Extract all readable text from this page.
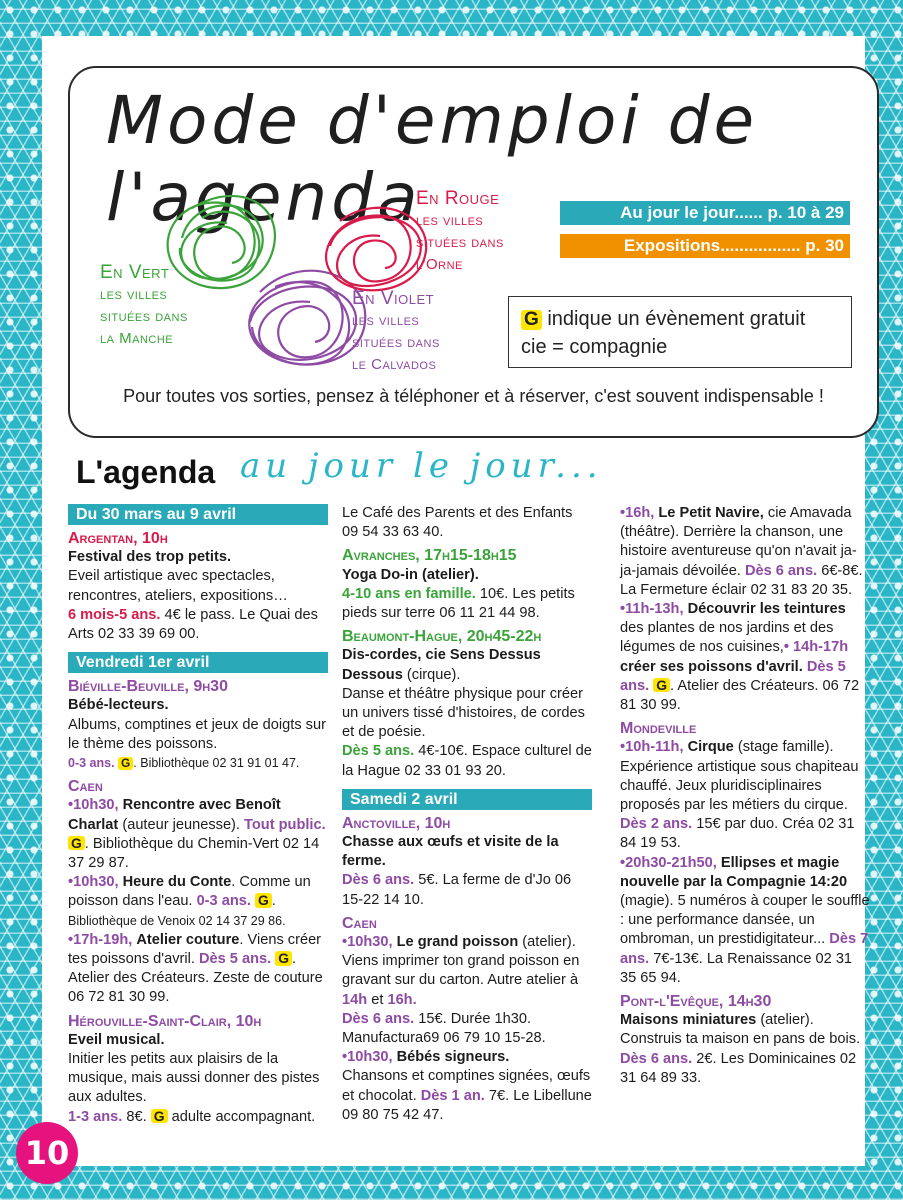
Mode d'emploi de l'agenda
En Vert
les villes
situées dans
la Manche
En Rouge
les villes
situées dans
l'Orne
En Violet
les villes
situées dans
le Calvados
Au jour le jour...... p. 10 à 29
Expositions................. p. 30
G indique un évènement gratuit
cie = compagnie
Pour toutes vos sorties, pensez à téléphoner et à réserver, c'est souvent indispensable !
L'agenda au jour le jour...
Du 30 mars au 9 avril
Argentan, 10h

Festival des trop petits.

Eveil artistique avec spectacles, rencontres, ateliers, expositions…

6 mois-5 ans. 4€ le pass. Le Quai des Arts 02 33 39 69 00.

Vendredi 1er avril
Biéville-Beuville, 9h30

Bébé-lecteurs.

Albums, comptines et jeux de doigts sur le thème des poissons.

0-3 ans. G . Bibliothèque 02 31 91 01 47.

Caen

•10h30, Rencontre avec Benoît Charlat (auteur jeunesse). Tout public. G . Bibliothèque du Chemin-Vert 02 14 37 29 87.

•10h30, Heure du Conte. Comme un poisson dans l'eau. 0-3 ans. G . Bibliothèque de Venoix 02 14 37 29 86.

•17h-19h, Atelier couture. Viens créer tes poissons d'avril. Dès 5 ans. G . Atelier des Créateurs. Zeste de couture 06 72 81 30 99.

Hérouville-Saint-Clair, 10h

Eveil musical.

Initier les petits aux plaisirs de la musique, mais aussi donner des pistes aux adultes.

1-3 ans. 8€. G adulte accompagnant.

Le Café des Parents et des Enfants 09 54 33 63 40.

Avranches, 17h15-18h15

Yoga Do-in (atelier).

4-10 ans en famille. 10€. Les petits pieds sur terre 06 11 21 44 98.

Beaumont-Hague, 20h45-22h

Dis-cordes, cie Sens Dessus Dessous (cirque).

Danse et théâtre physique pour créer un univers tissé d'histoires, de cordes et de poésie.

Dès 5 ans. 4€-10€. Espace culturel de la Hague 02 33 01 93 20.

Samedi 2 avril
Anctoville, 10h

Chasse aux œufs et visite de la ferme.

Dès 6 ans. 5€. La ferme de d'Jo 06 15-22 14 10.

Caen

•10h30, Le grand poisson (atelier). Viens imprimer ton grand poisson en gravant sur du carton. Autre atelier à 14h et 16h.

Dès 6 ans. 15€. Durée 1h30. Manufactura69 06 79 10 15-28.

•10h30, Bébés signeurs.

Chansons et comptines signées, œufs et chocolat. Dès 1 an. 7€. Le Libellune 09 80 75 42 47.

•16h, Le Petit Navire, cie Amavada (théâtre). Derrière la chanson, une histoire aventureuse qu'on n'avait ja-ja-jamais dévoilée. Dès 6 ans. 6€-8€. La Fermeture éclair 02 31 83 20 35.

•11h-13h, Découvrir les teintures des plantes de nos jardins et des légumes de nos cuisines,• 14h-17h créer ses poissons d'avril. Dès 5 ans. G . Atelier des Créateurs. 06 72 81 30 99.

Mondeville

•10h-11h, Cirque (stage famille). Expérience artistique sous chapiteau chauffé. Jeux pluridisciplinaires proposés par les métiers du cirque. Dès 2 ans. 15€ par duo. Créa 02 31 84 19 53.

•20h30-21h50, Ellipses et magie nouvelle par la Compagnie 14:20 (magie). 5 numéros à couper le souffle : une performance dansée, un ombroman, un prestidigitateur... Dès 7 ans. 7€-13€. La Renaissance 02 31 35 65 94.

Pont-l'Evêque, 14h30

Maisons miniatures (atelier).

Construis ta maison en pans de bois.

Dès 6 ans. 2€. Les Dominicaines 02 31 64 89 33.

10
